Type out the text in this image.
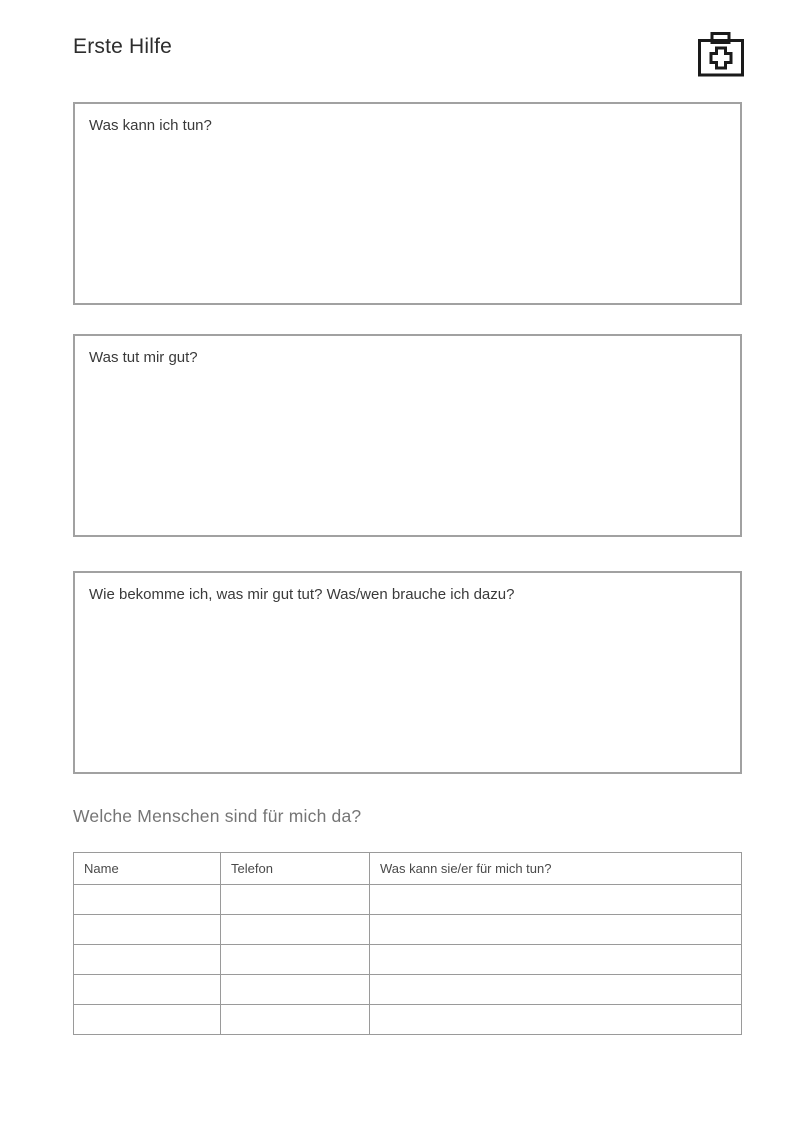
Erste Hilfe
Was kann ich tun?
Was tut mir gut?
Wie bekomme ich, was mir gut tut? Was/wen brauche ich dazu?
Welche Menschen sind für mich da?
Name	Telefon	Was kann sie/er für mich tun?
